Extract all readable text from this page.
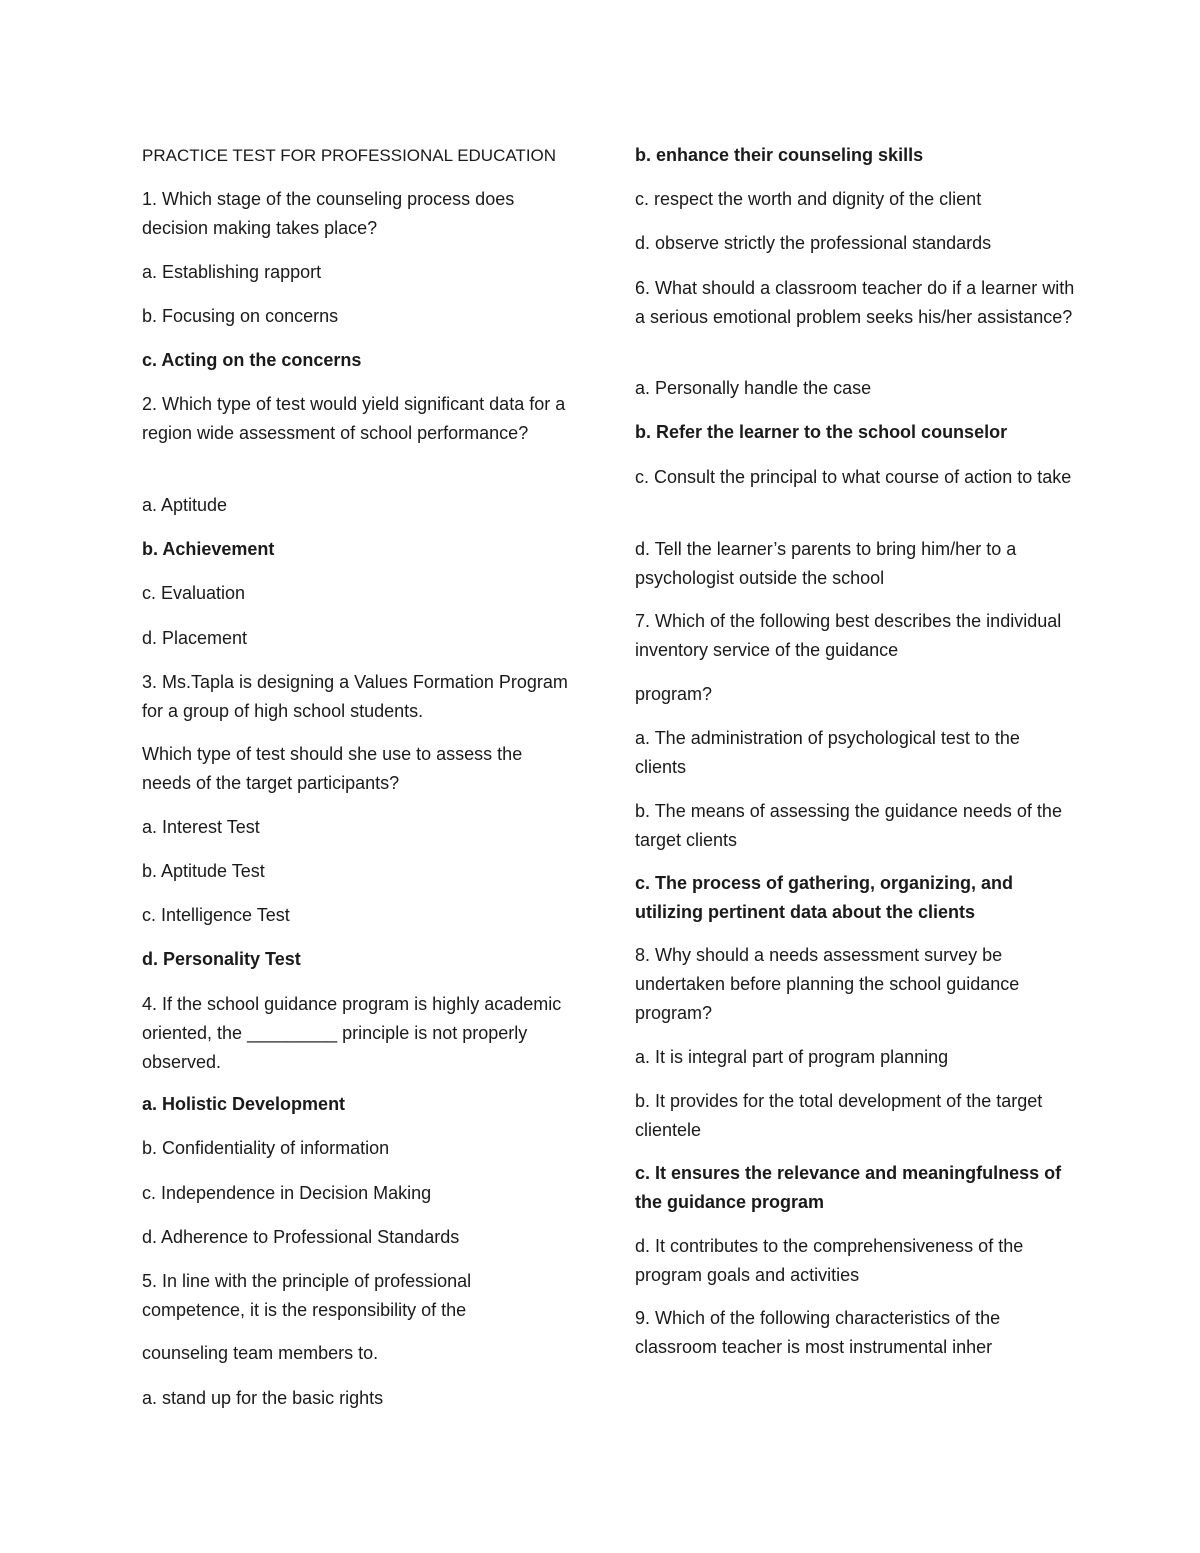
PRACTICE TEST FOR PROFESSIONAL EDUCATION
1. Which stage of the counseling process does decision making takes place?
a. Establishing rapport
b. Focusing on concerns
c. Acting on the concerns
2. Which type of test would yield significant data for a region wide assessment of school performance?
a. Aptitude
b. Achievement
c. Evaluation
d. Placement
3. Ms.Tapla is designing a Values Formation Program for a group of high school students.
Which type of test should she use to assess the needs of the target participants?
a. Interest Test
b. Aptitude Test
c. Intelligence Test
d. Personality Test
4. If the school guidance program is highly academic oriented, the _________ principle is not properly observed.
a. Holistic Development
b. Confidentiality of information
c. Independence in Decision Making
d. Adherence to Professional Standards
5. In line with the principle of professional competence, it is the responsibility of the
counseling team members to.
a. stand up for the basic rights
b. enhance their counseling skills
c. respect the worth and dignity of the client
d. observe strictly the professional standards
6. What should a classroom teacher do if a learner with a serious emotional problem seeks his/her assistance?
a. Personally handle the case
b. Refer the learner to the school counselor
c. Consult the principal to what course of action to take
d. Tell the learner’s parents to bring him/her to a psychologist outside the school
7. Which of the following best describes the individual inventory service of the guidance
program?
a. The administration of psychological test to the clients
b. The means of assessing the guidance needs of the target clients
c. The process of gathering, organizing, and utilizing pertinent data about the clients
8. Why should a needs assessment survey be undertaken before planning the school guidance program?
a. It is integral part of program planning
b. It provides for the total development of the target clientele
c. It ensures the relevance and meaningfulness of the guidance program
d. It contributes to the comprehensiveness of the program goals and activities
9. Which of the following characteristics of the classroom teacher is most instrumental inher
